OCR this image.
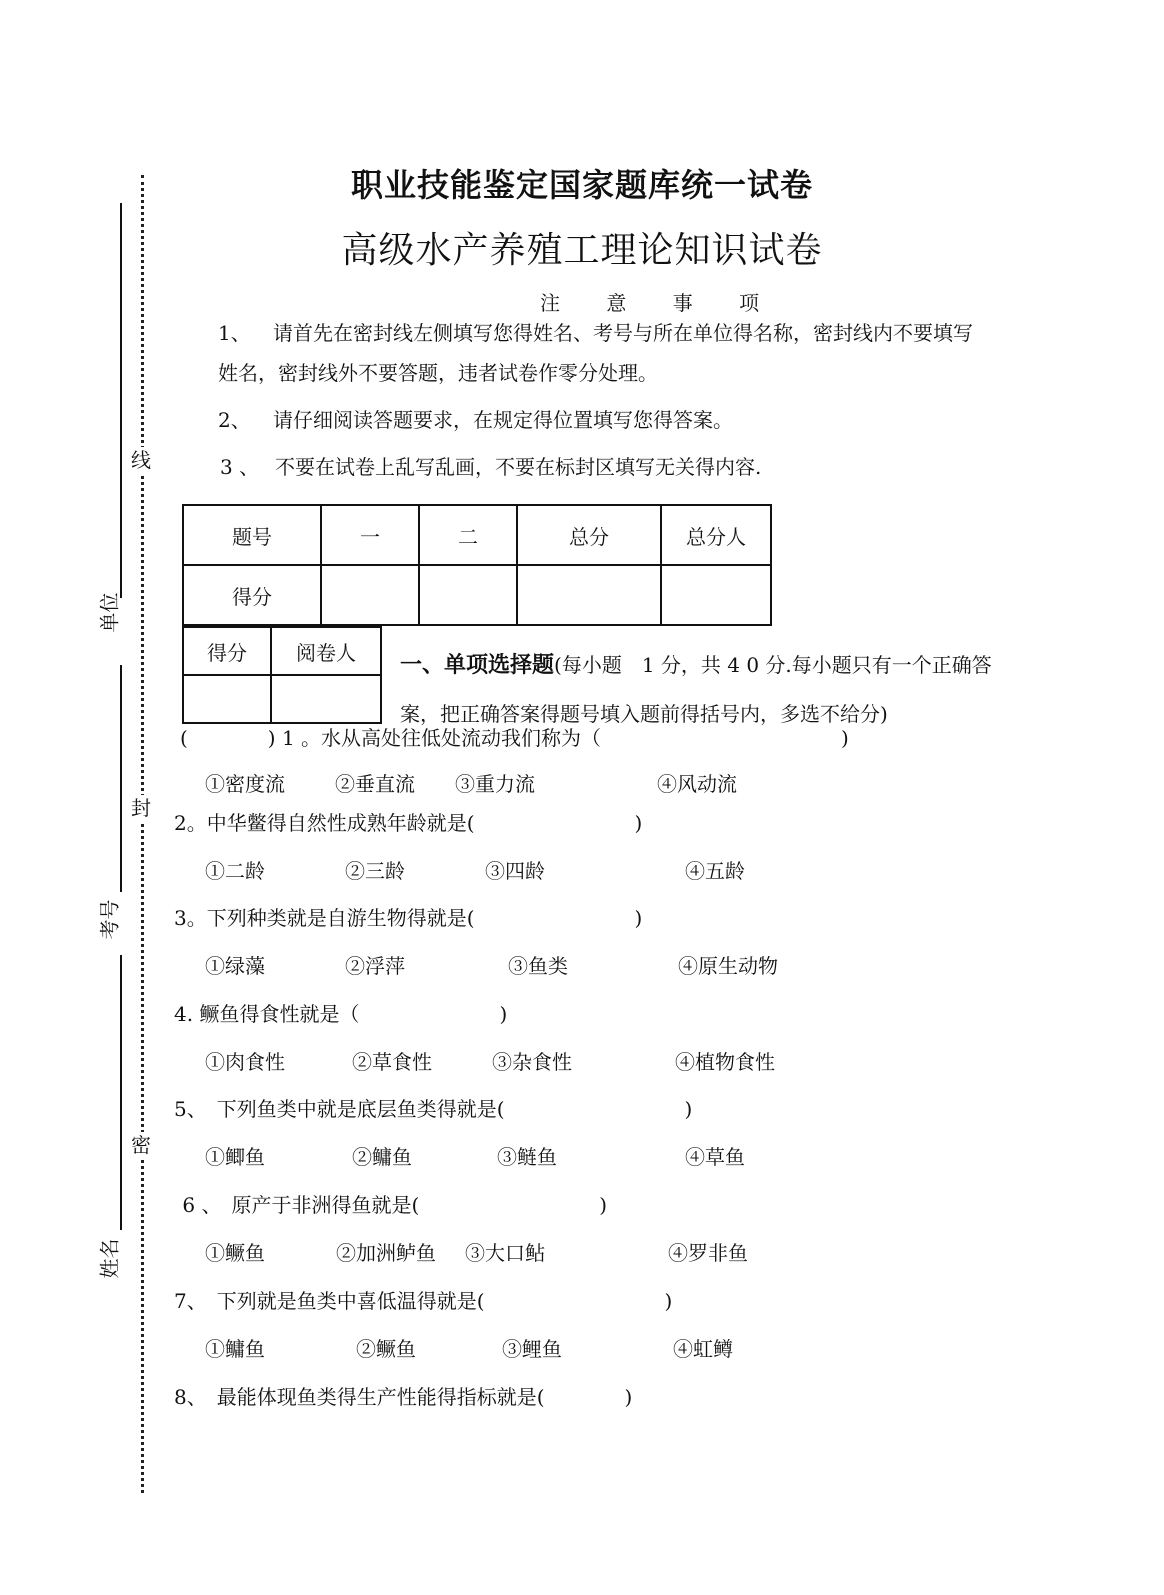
线
封
密
单位
考号
姓名
职业技能鉴定国家题库统一试卷
高级水产养殖工理论知识试卷
注 意 事 项
1、 请首先在密封线左侧填写您得姓名、考号与所在单位得名称，密封线内不要填写
姓名，密封线外不要答题，违者试卷作零分处理。
2、 请仔细阅读答题要求，在规定得位置填写您得答案。
3 、 不要在试卷上乱写乱画，不要在标封区填写无关得内容.
题号	一	二	总分	总分人
得分				
得分	阅卷人

一、单项选择题(每小题　1 分，共 4 0 分.每小题只有一个正确答
案，把正确答案得题号填入题前得括号内，多选不给分)
(　　　　) 1 。水从高处往低处流动我们称为（　　　　　　　　　　　　)
①密度流	②垂直流 ③重力流	④风动流
2。中华鳖得自然性成熟年龄就是(　　　　　　　　)
①二龄	②三龄	③四龄	④五龄
3。下列种类就是自游生物得就是(　　　　　　　　)
①绿藻	②浮萍	③鱼类	④原生动物
4. 鳜鱼得食性就是（　　　　　　　)
①肉食性	②草食性	③杂食性	④植物食性
5、　下列鱼类中就是底层鱼类得就是(　　　　　　　　　)
①鲫鱼	②鳙鱼	③鲢鱼	④草鱼
6 、　原产于非洲得鱼就是(　　　　　　　　　)
①鳜鱼	②加洲鲈鱼 ③大口鲇	④罗非鱼
7、　下列就是鱼类中喜低温得就是(　　　　　　　　　)
①鳙鱼	②鳜鱼	③鲤鱼	④虹鳟
8、　最能体现鱼类得生产性能得指标就是(　　　　)
